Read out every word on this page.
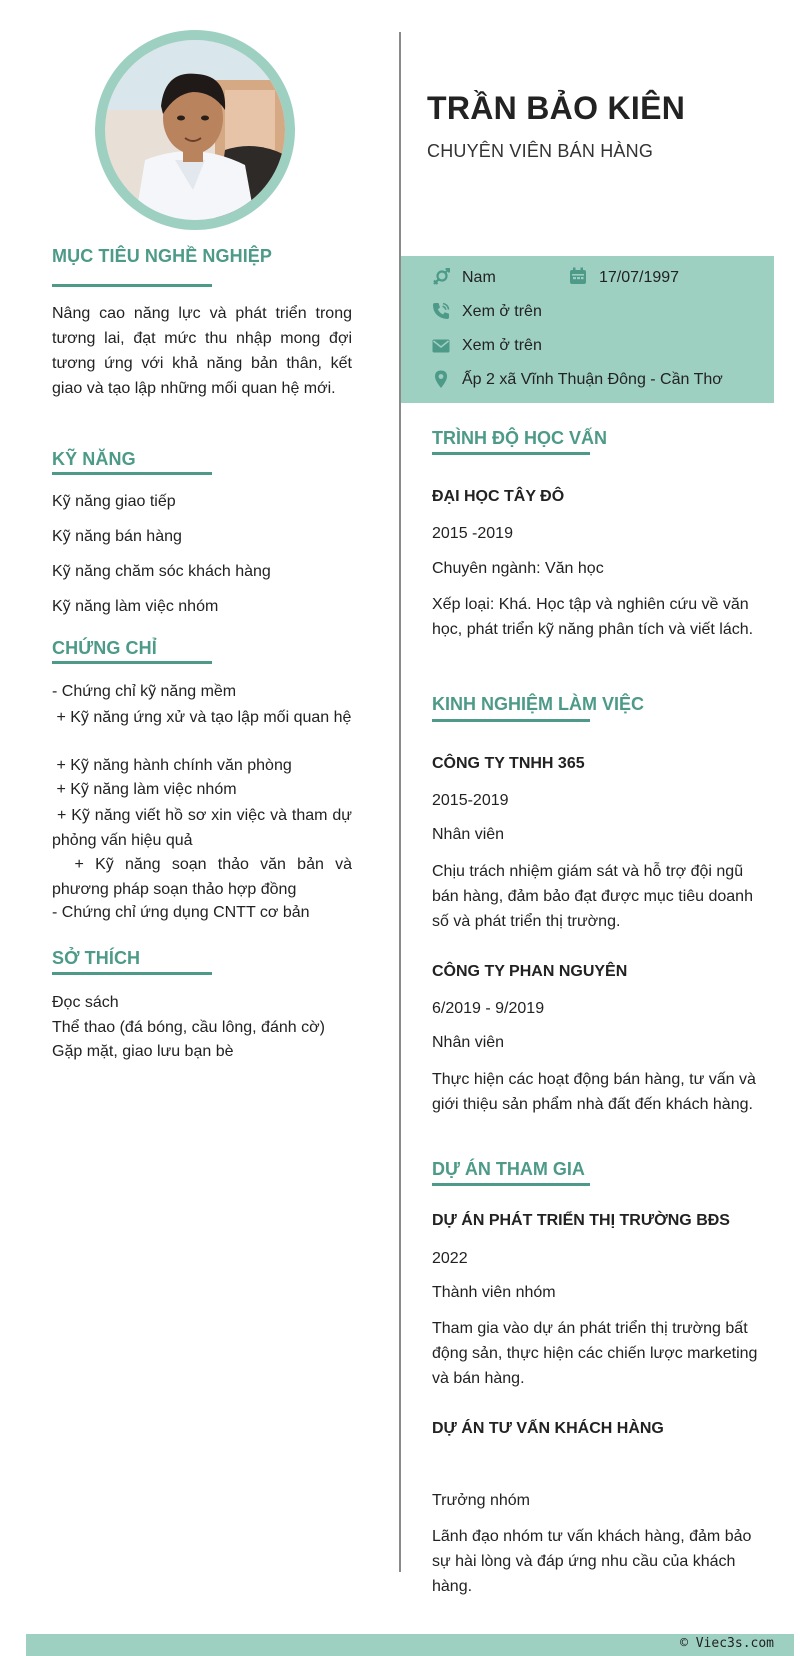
MỤC TIÊU NGHỀ NGHIỆP
Nâng cao năng lực và phát triển trong tương lai, đạt mức thu nhập mong đợi tương ứng với khả năng bản thân, kết giao và tạo lập những mối quan hệ mới.
KỸ NĂNG
Kỹ năng giao tiếp
Kỹ năng bán hàng
Kỹ năng chăm sóc khách hàng
Kỹ năng làm việc nhóm
CHỨNG CHỈ
- Chứng chỉ kỹ năng mềm
+ Kỹ năng ứng xử và tạo lập mối quan hệ
+ Kỹ năng hành chính văn phòng
+ Kỹ năng làm việc nhóm
+ Kỹ năng viết hồ sơ xin việc và tham dự phỏng vấn hiệu quả
+ Kỹ năng soạn thảo văn bản và phương pháp soạn thảo hợp đồng
- Chứng chỉ ứng dụng CNTT cơ bản
SỞ THÍCH
Đọc sách
Thể thao (đá bóng, cầu lông, đánh cờ)
Gặp mặt, giao lưu bạn bè
TRẦN BẢO KIÊN
CHUYÊN VIÊN BÁN HÀNG
Nam	17/07/1997
Xem ở trên
Xem ở trên
Ấp 2 xã Vĩnh Thuận Đông - Cần Thơ
TRÌNH ĐỘ HỌC VẤN
ĐẠI HỌC TÂY ĐÔ
2015 -2019
Chuyên ngành: Văn học
Xếp loại: Khá. Học tập và nghiên cứu về văn học, phát triển kỹ năng phân tích và viết lách.
KINH NGHIỆM LÀM VIỆC
CÔNG TY TNHH 365
2015-2019
Nhân viên
Chịu trách nhiệm giám sát và hỗ trợ đội ngũ bán hàng, đảm bảo đạt được mục tiêu doanh số và phát triển thị trường.
CÔNG TY PHAN NGUYÊN
6/2019 - 9/2019
Nhân viên
Thực hiện các hoạt động bán hàng, tư vấn và giới thiệu sản phẩm nhà đất đến khách hàng.
DỰ ÁN THAM GIA
DỰ ÁN PHÁT TRIỂN THỊ TRƯỜNG BĐS
2022
Thành viên nhóm
Tham gia vào dự án phát triển thị trường bất động sản, thực hiện các chiến lược marketing và bán hàng.
DỰ ÁN TƯ VẤN KHÁCH HÀNG
Trưởng nhóm
Lãnh đạo nhóm tư vấn khách hàng, đảm bảo sự hài lòng và đáp ứng nhu cầu của khách hàng.
© Viec3s.com
